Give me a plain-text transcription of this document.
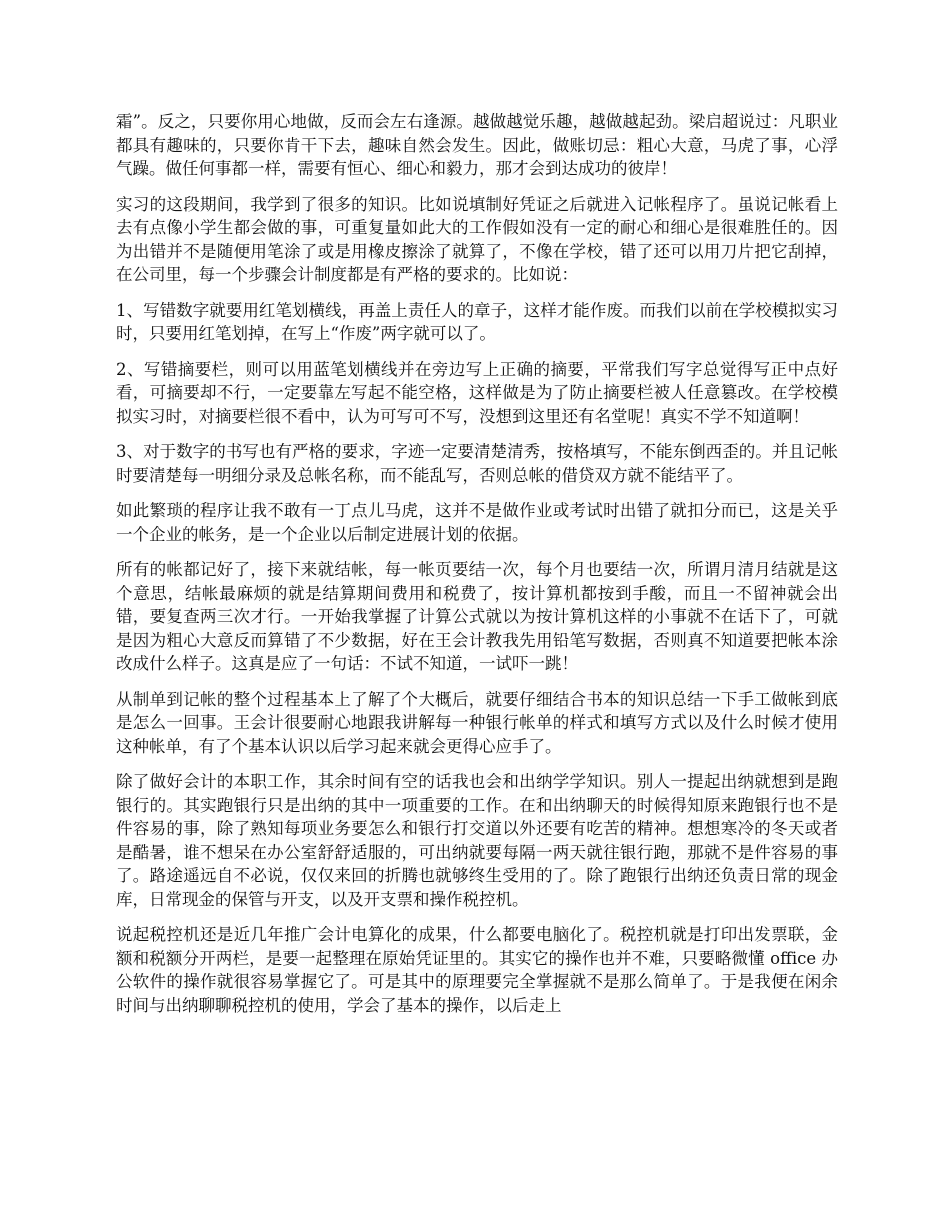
霜”。反之，只要你用心地做，反而会左右逢源。越做越觉乐趣，越做越起劲。梁启超说过：凡职业都具有趣味的，只要你肯干下去，趣味自然会发生。因此，做账切忌：粗心大意，马虎了事，心浮气躁。做任何事都一样，需要有恒心、细心和毅力，那才会到达成功的彼岸！

实习的这段期间，我学到了很多的知识。比如说填制好凭证之后就进入记帐程序了。虽说记帐看上去有点像小学生都会做的事，可重复量如此大的工作假如没有一定的耐心和细心是很难胜任的。因为出错并不是随便用笔涂了或是用橡皮擦涂了就算了，不像在学校，错了还可以用刀片把它刮掉，在公司里，每一个步骤会计制度都是有严格的要求的。比如说：

1、写错数字就要用红笔划横线，再盖上责任人的章子，这样才能作废。而我们以前在学校模拟实习时，只要用红笔划掉，在写上“作废”两字就可以了。

2、写错摘要栏，则可以用蓝笔划横线并在旁边写上正确的摘要，平常我们写字总觉得写正中点好看，可摘要却不行，一定要靠左写起不能空格，这样做是为了防止摘要栏被人任意篡改。在学校模拟实习时，对摘要栏很不看中，认为可写可不写，没想到这里还有名堂呢！真实不学不知道啊！

3、对于数字的书写也有严格的要求，字迹一定要清楚清秀，按格填写，不能东倒西歪的。并且记帐时要清楚每一明细分录及总帐名称，而不能乱写，否则总帐的借贷双方就不能结平了。

如此繁琐的程序让我不敢有一丁点儿马虎，这并不是做作业或考试时出错了就扣分而已，这是关乎一个企业的帐务，是一个企业以后制定进展计划的依据。

所有的帐都记好了，接下来就结帐，每一帐页要结一次，每个月也要结一次，所谓月清月结就是这个意思，结帐最麻烦的就是结算期间费用和税费了，按计算机都按到手酸，而且一不留神就会出错，要复查两三次才行。一开始我掌握了计算公式就以为按计算机这样的小事就不在话下了，可就是因为粗心大意反而算错了不少数据，好在王会计教我先用铅笔写数据，否则真不知道要把帐本涂改成什么样子。这真是应了一句话：不试不知道，一试吓一跳！

从制单到记帐的整个过程基本上了解了个大概后，就要仔细结合书本的知识总结一下手工做帐到底是怎么一回事。王会计很要耐心地跟我讲解每一种银行帐单的样式和填写方式以及什么时候才使用这种帐单，有了个基本认识以后学习起来就会更得心应手了。

除了做好会计的本职工作，其余时间有空的话我也会和出纳学学知识。别人一提起出纳就想到是跑银行的。其实跑银行只是出纳的其中一项重要的工作。在和出纳聊天的时候得知原来跑银行也不是件容易的事，除了熟知每项业务要怎么和银行打交道以外还要有吃苦的精神。想想寒冷的冬天或者是酷暑，谁不想呆在办公室舒舒适服的，可出纳就要每隔一两天就往银行跑，那就不是件容易的事了。路途遥远自不必说，仅仅来回的折腾也就够终生受用的了。除了跑银行出纳还负责日常的现金库，日常现金的保管与开支，以及开支票和操作税控机。

说起税控机还是近几年推广会计电算化的成果，什么都要电脑化了。税控机就是打印出发票联，金额和税额分开两栏，是要一起整理在原始凭证里的。其实它的操作也并不难，只要略微懂 office 办公软件的操作就很容易掌握它了。可是其中的原理要完全掌握就不是那么简单了。于是我便在闲余时间与出纳聊聊税控机的使用，学会了基本的操作，以后走上
